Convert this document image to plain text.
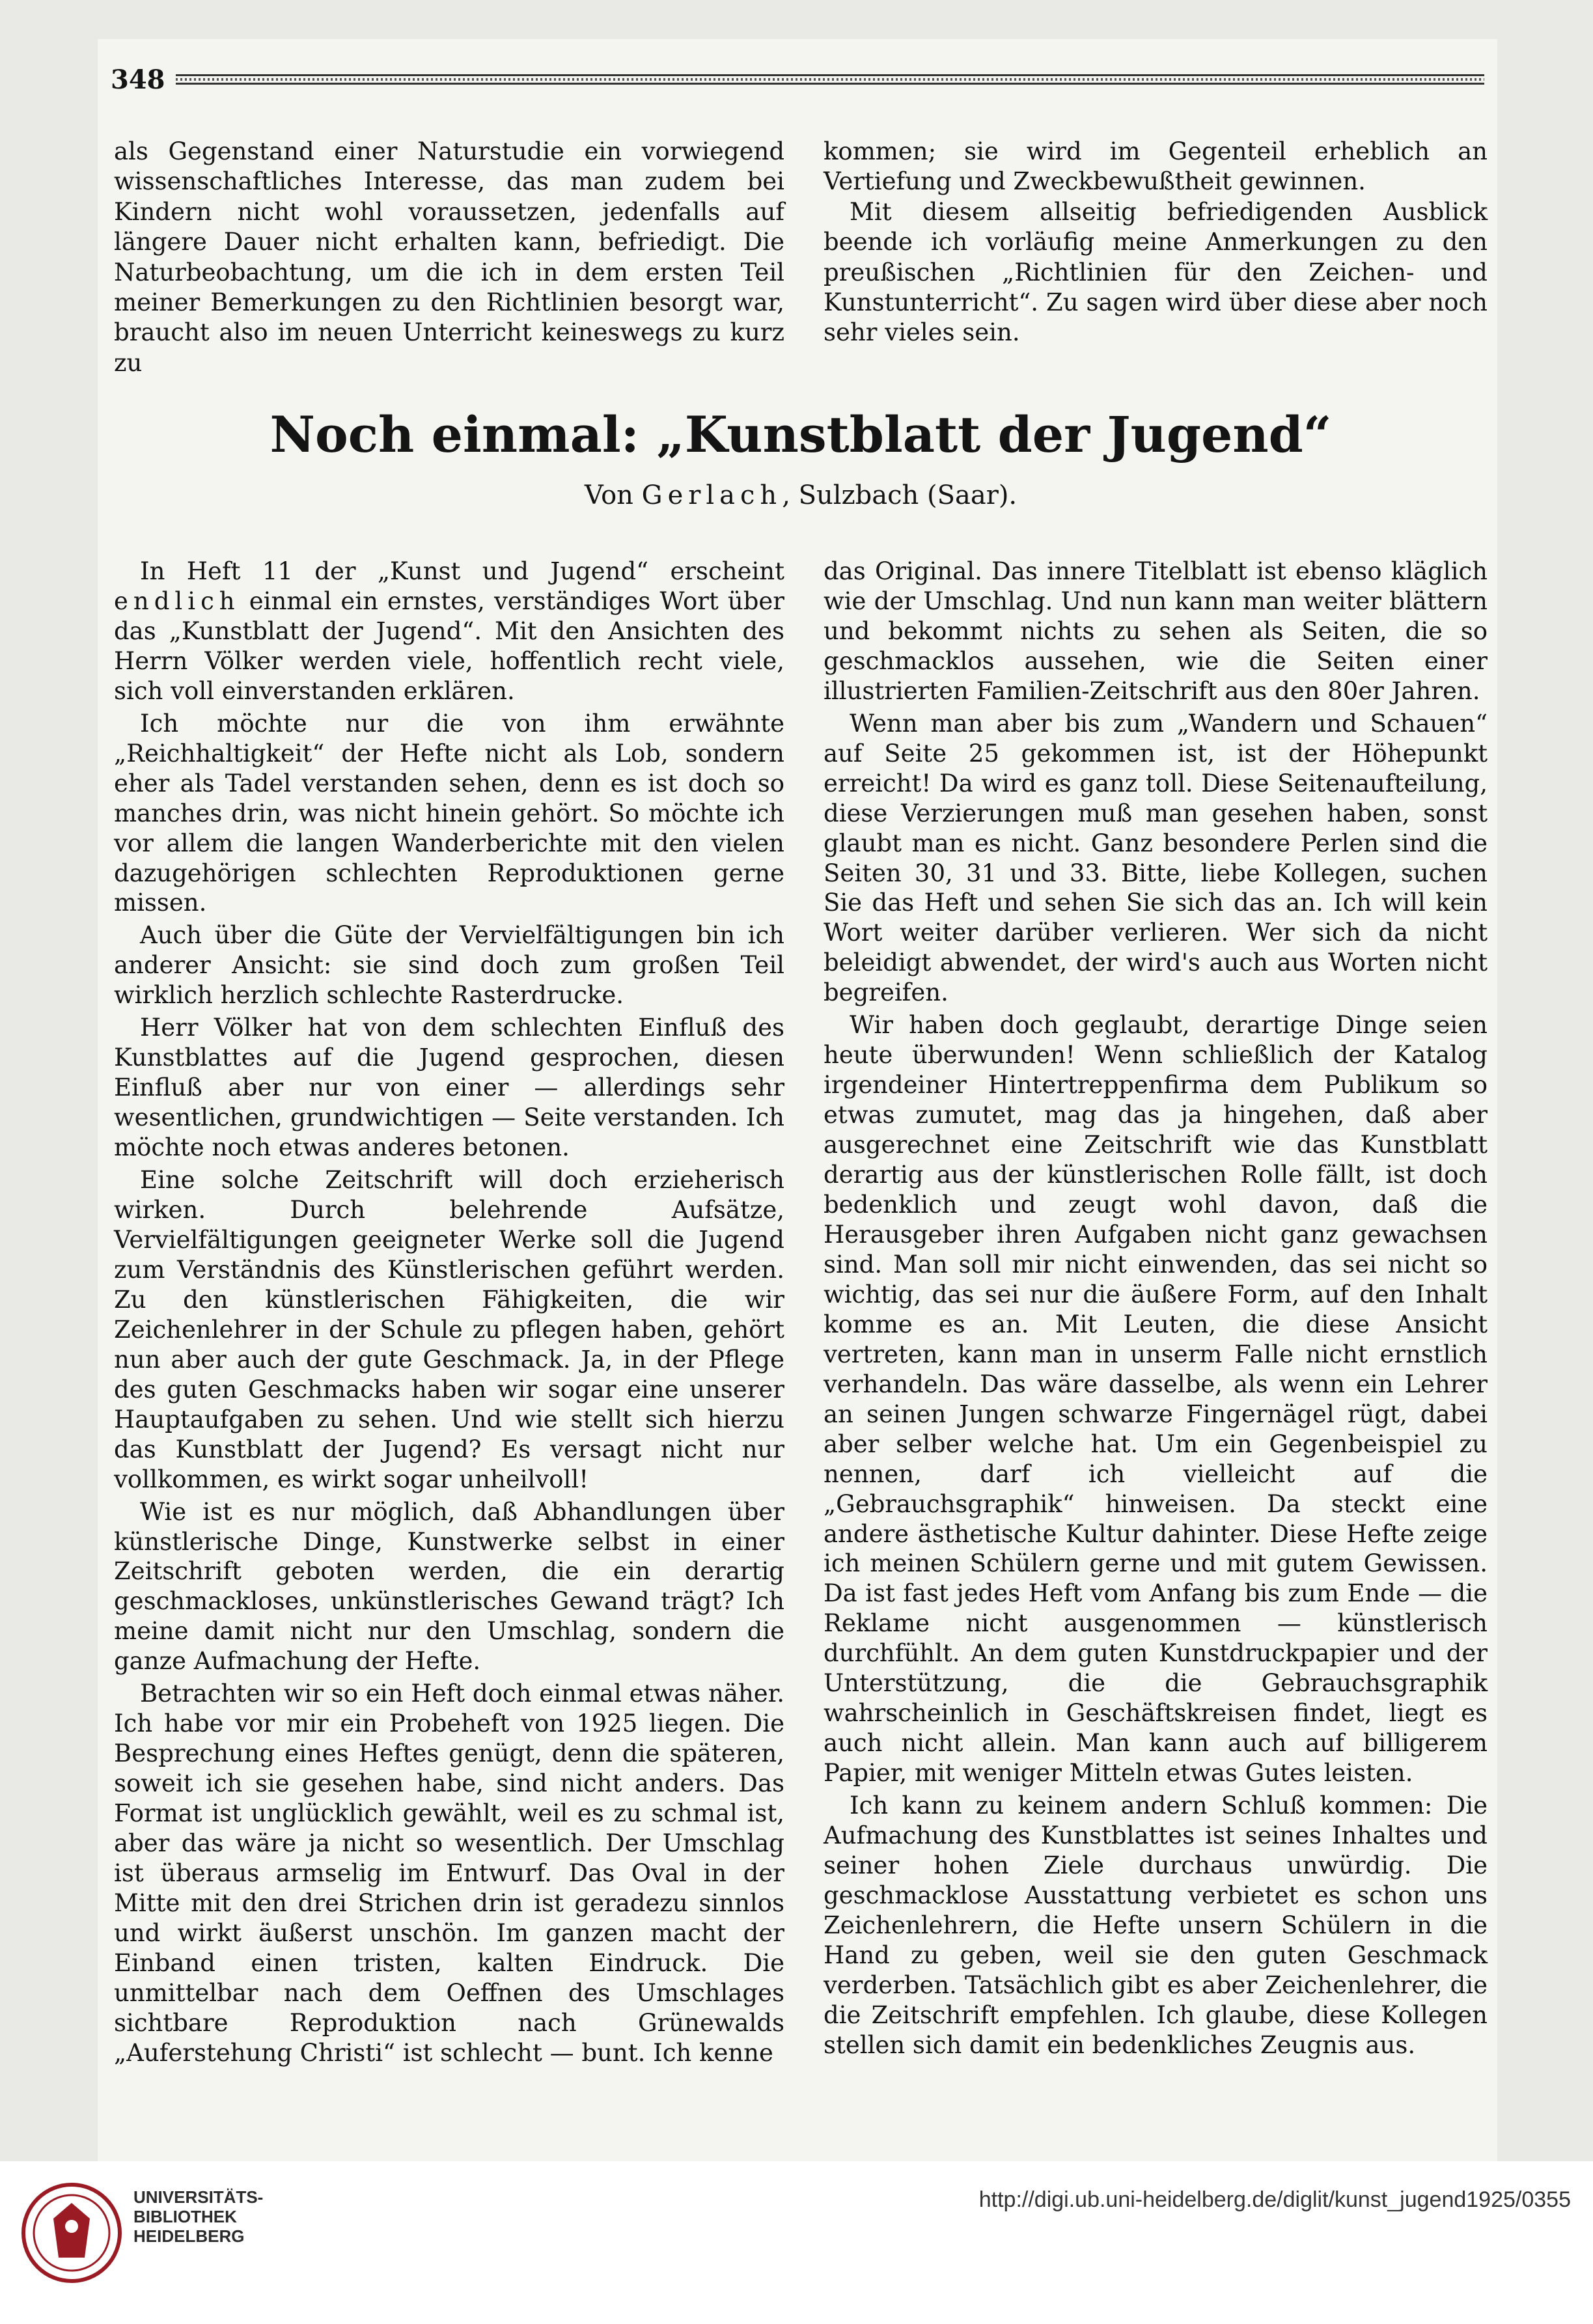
348

als Gegenstand einer Naturstudie ein vorwiegend wissenschaftliches Interesse, das man zudem bei Kindern nicht wohl voraussetzen, jedenfalls auf längere Dauer nicht erhalten kann, befriedigt. Die Naturbeobachtung, um die ich in dem ersten Teil meiner Bemerkungen zu den Richtlinien besorgt war, braucht also im neuen Unterricht keineswegs zu kurz zu

kommen; sie wird im Gegenteil erheblich an Vertiefung und Zweckbewußtheit gewinnen.

Mit diesem allseitig befriedigenden Ausblick beende ich vorläufig meine Anmerkungen zu den preußischen „Richtlinien für den Zeichen- und Kunstunterricht“. Zu sagen wird über diese aber noch sehr vieles sein.

Noch einmal: „Kunstblatt der Jugend“

Von Gerlach, Sulzbach (Saar).

In Heft 11 der „Kunst und Jugend“ erscheint endlich einmal ein ernstes, verständiges Wort über das „Kunstblatt der Jugend“. Mit den Ansichten des Herrn Völker werden viele, hoffentlich recht viele, sich voll einverstanden erklären.

Ich möchte nur die von ihm erwähnte „Reichhaltigkeit“ der Hefte nicht als Lob, sondern eher als Tadel verstanden sehen, denn es ist doch so manches drin, was nicht hinein gehört. So möchte ich vor allem die langen Wanderberichte mit den vielen dazugehörigen schlechten Reproduktionen gerne missen.

Auch über die Güte der Vervielfältigungen bin ich anderer Ansicht: sie sind doch zum großen Teil wirklich herzlich schlechte Rasterdrucke.

Herr Völker hat von dem schlechten Einfluß des Kunstblattes auf die Jugend gesprochen, diesen Einfluß aber nur von einer — allerdings sehr wesentlichen, grundwichtigen — Seite verstanden. Ich möchte noch etwas anderes betonen.

Eine solche Zeitschrift will doch erzieherisch wirken. Durch belehrende Aufsätze, Vervielfältigungen geeigneter Werke soll die Jugend zum Verständnis des Künstlerischen geführt werden. Zu den künstlerischen Fähigkeiten, die wir Zeichenlehrer in der Schule zu pflegen haben, gehört nun aber auch der gute Geschmack. Ja, in der Pflege des guten Geschmacks haben wir sogar eine unserer Hauptaufgaben zu sehen. Und wie stellt sich hierzu das Kunstblatt der Jugend? Es versagt nicht nur vollkommen, es wirkt sogar unheilvoll!

Wie ist es nur möglich, daß Abhandlungen über künstlerische Dinge, Kunstwerke selbst in einer Zeitschrift geboten werden, die ein derartig geschmackloses, unkünstlerisches Gewand trägt? Ich meine damit nicht nur den Umschlag, sondern die ganze Aufmachung der Hefte.

Betrachten wir so ein Heft doch einmal etwas näher. Ich habe vor mir ein Probeheft von 1925 liegen. Die Besprechung eines Heftes genügt, denn die späteren, soweit ich sie gesehen habe, sind nicht anders. Das Format ist unglücklich gewählt, weil es zu schmal ist, aber das wäre ja nicht so wesentlich. Der Umschlag ist überaus armselig im Entwurf. Das Oval in der Mitte mit den drei Strichen drin ist geradezu sinnlos und wirkt äußerst unschön. Im ganzen macht der Einband einen tristen, kalten Eindruck. Die unmittelbar nach dem Oeffnen des Umschlages sichtbare Reproduktion nach Grünewalds „Auferstehung Christi“ ist schlecht — bunt. Ich kenne

das Original. Das innere Titelblatt ist ebenso kläglich wie der Umschlag. Und nun kann man weiter blättern und bekommt nichts zu sehen als Seiten, die so geschmacklos aussehen, wie die Seiten einer illustrierten Familien-Zeitschrift aus den 80er Jahren.

Wenn man aber bis zum „Wandern und Schauen“ auf Seite 25 gekommen ist, ist der Höhepunkt erreicht! Da wird es ganz toll. Diese Seitenaufteilung, diese Verzierungen muß man gesehen haben, sonst glaubt man es nicht. Ganz besondere Perlen sind die Seiten 30, 31 und 33. Bitte, liebe Kollegen, suchen Sie das Heft und sehen Sie sich das an. Ich will kein Wort weiter darüber verlieren. Wer sich da nicht beleidigt abwendet, der wird's auch aus Worten nicht begreifen.

Wir haben doch geglaubt, derartige Dinge seien heute überwunden! Wenn schließlich der Katalog irgendeiner Hintertreppenfirma dem Publikum so etwas zumutet, mag das ja hingehen, daß aber ausgerechnet eine Zeitschrift wie das Kunstblatt derartig aus der künstlerischen Rolle fällt, ist doch bedenklich und zeugt wohl davon, daß die Herausgeber ihren Aufgaben nicht ganz gewachsen sind. Man soll mir nicht einwenden, das sei nicht so wichtig, das sei nur die äußere Form, auf den Inhalt komme es an. Mit Leuten, die diese Ansicht vertreten, kann man in unserm Falle nicht ernstlich verhandeln. Das wäre dasselbe, als wenn ein Lehrer an seinen Jungen schwarze Fingernägel rügt, dabei aber selber welche hat. Um ein Gegenbeispiel zu nennen, darf ich vielleicht auf die „Gebrauchsgraphik“ hinweisen. Da steckt eine andere ästhetische Kultur dahinter. Diese Hefte zeige ich meinen Schülern gerne und mit gutem Gewissen. Da ist fast jedes Heft vom Anfang bis zum Ende — die Reklame nicht ausgenommen — künstlerisch durchfühlt. An dem guten Kunstdruckpapier und der Unterstützung, die die Gebrauchsgraphik wahrscheinlich in Geschäftskreisen findet, liegt es auch nicht allein. Man kann auch auf billigerem Papier, mit weniger Mitteln etwas Gutes leisten.

Ich kann zu keinem andern Schluß kommen: Die Aufmachung des Kunstblattes ist seines Inhaltes und seiner hohen Ziele durchaus unwürdig. Die geschmacklose Ausstattung verbietet es schon uns Zeichenlehrern, die Hefte unsern Schülern in die Hand zu geben, weil sie den guten Geschmack verderben. Tatsächlich gibt es aber Zeichenlehrer, die die Zeitschrift empfehlen. Ich glaube, diese Kollegen stellen sich damit ein bedenkliches Zeugnis aus.

UNIVERSITÄTS-
BIBLIOTHEK
HEIDELBERG

http://digi.ub.uni-heidelberg.de/diglit/kunst_jugend1925/0355
